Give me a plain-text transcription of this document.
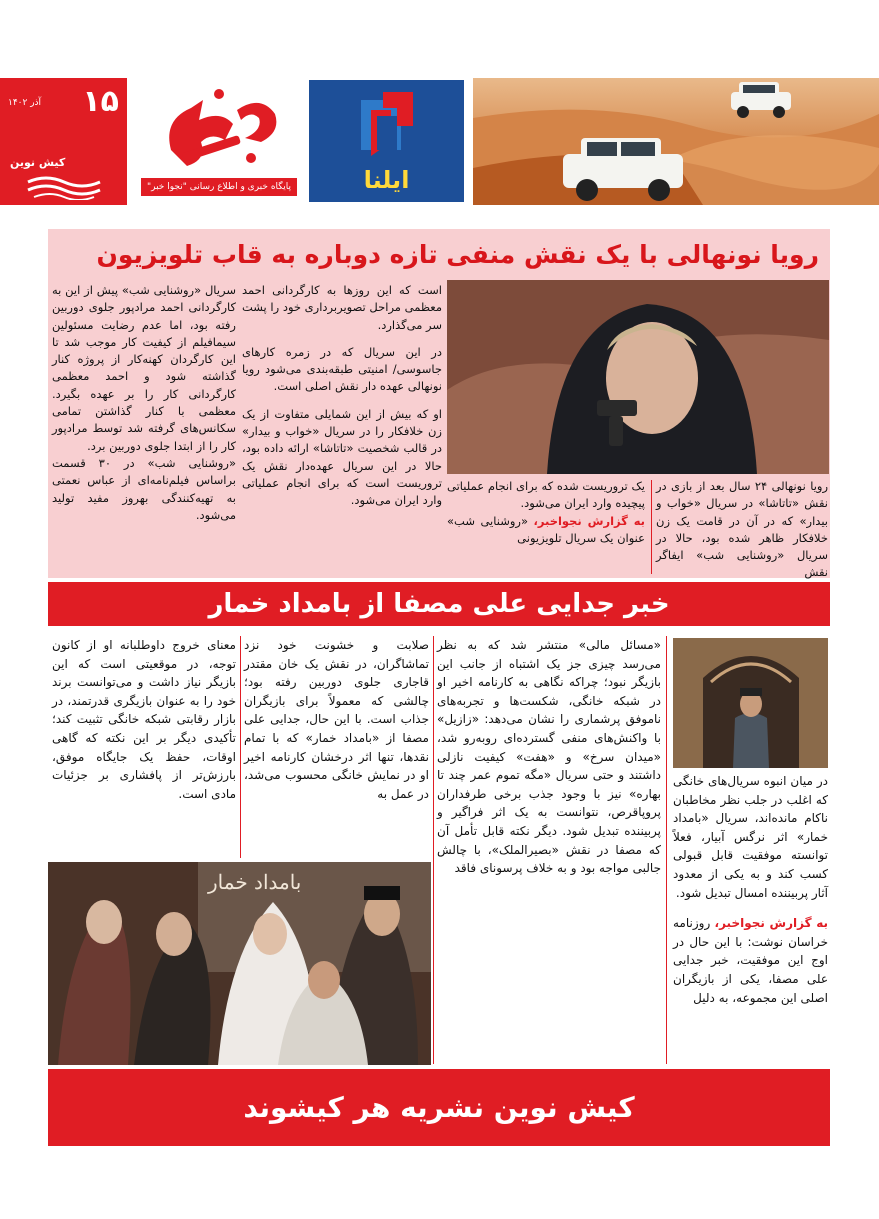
۱۵
آذر ۱۴۰۲
کیش نوین
پایگاه خبری و اطلاع رسانی "نجوا خبر"	ایلنا
رویا نونهالی با یک نقش منفی تازه دوباره به قاب تلویزیون
رویا نونهالی ۲۴ سال بعد از بازی در نقش «تاتاشا» در سریال «خواب و بیدار» که در آن در قامت یک زن خلافکار ظاهر شده بود، حالا در سریال «روشنایی شب» ایفاگر نقش
یک تروریست شده که برای انجام عملیاتی پیچیده وارد ایران می‌شود.
به گزارش نجواخبر، «روشنایی شب» عنوان یک سریال تلویزیونی
است که این روزها به کارگردانی احمد معظمی مراحل تصویربرداری خود را پشت سر می‌گذارد.
در این سریال که در زمره کارهای جاسوسی/ امنیتی طبقه‌بندی می‌شود رویا نونهالی عهده دار نقش اصلی است.
او که بیش از این شمایلی متفاوت از یک زن خلافکار را در سریال «خواب و بیدار» در قالب شخصیت «تاتاشا» ارائه داده بود، حالا در این سریال عهده‌دار نقش یک تروریست است که برای انجام عملیاتی وارد ایران می‌شود.
سریال «روشنایی شب» پیش از این به کارگردانی احمد مرادپور جلوی دوربین رفته بود، اما عدم رضایت مسئولین سیمافیلم از کیفیت کار موجب شد تا این کارگردان کهنه‌کار از پروژه کنار گذاشته شود و احمد معظمی کارگردانی کار را بر عهده بگیرد. معظمی با کنار گذاشتن تمامی سکانس‌های گرفته شد توسط مرادپور کار را از ابتدا جلوی دوربین برد.
«روشنایی شب» در ۳۰ قسمت براساس فیلم‌نامه‌ای از عباس نعمتی به تهیه‌کنندگی بهروز مفید تولید می‌شود.
خبر جدایی علی مصفا از بامداد خمار
در میان انبوه سریال‌های خانگی که اغلب در جلب نظر مخاطبان ناکام مانده‌اند، سریال «بامداد خمار» اثر نرگس آبیار، فعلاً توانسته موفقیت قابل قبولی کسب کند و به یکی از معدود آثار پربیننده امسال تبدیل شود.
به گزارش نجواخبر، روزنامه خراسان نوشت: با این حال در اوج این موفقیت، خبر جدایی علی مصفا، یکی از بازیگران اصلی این مجموعه، به دلیل
«مسائل مالی» منتشر شد که به نظر می‌رسد چیزی جز یک اشتباه از جانب این بازیگر نبود؛ چراکه نگاهی به کارنامه اخیر او در شبکه خانگی، شکست‌ها و تجربه‌های ناموفق پرشماری را نشان می‌دهد: «زازیل» با واکنش‌های منفی گسترده‌ای روبه‌رو شد، «میدان سرخ» و «هفت» کیفیت نازلی داشتند و حتی سریال «مگه تموم عمر چند تا بهاره» نیز با وجود جذب برخی طرفداران پروپاقرص، نتوانست به یک اثر فراگیر و پربیننده تبدیل شود. دیگر نکته قابل تأمل آن که مصفا در نقش «بصیرالملک»، با چالش جالبی مواجه بود و به خلاف پرسونای فاقد
صلابت و خشونت خود نزد تماشاگران، در نقش یک خان مقتدر قاجاری جلوی دوربین رفته بود؛ چالشی که معمولاً برای بازیگران جذاب است. با این حال، جدایی علی مصفا از «بامداد خمار» که با تمام نقدها، تنها اثر درخشان کارنامه اخیر او در نمایش خانگی محسوب می‌شد، در عمل به
معنای خروج داوطلبانه او از کانون توجه، در موقعیتی است که این بازیگر نیاز داشت و می‌توانست برند خود را به عنوان بازیگری قدرتمند، در بازار رقابتی شبکه خانگی تثبیت کند؛ تأکیدی دیگر بر این نکته که گاهی اوقات، حفظ یک جایگاه موفق، بارزش‌تر از پافشاری بر جزئیات مادی است.
بامداد خمار
کیش نوین نشریه هر کیشوند
